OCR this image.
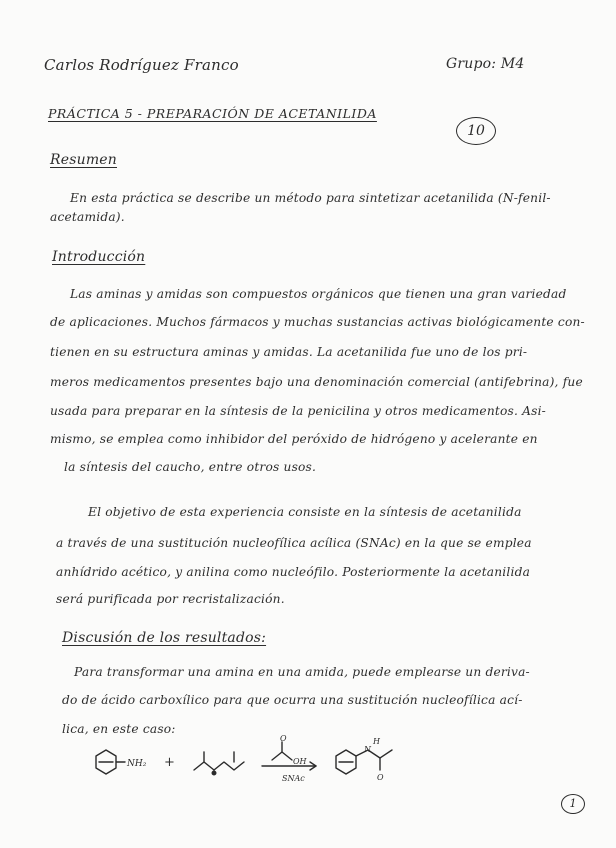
Carlos Rodríguez Franco	Grupo: M4
PRÁCTICA 5 - PREPARACIÓN DE ACETANILIDA
10
Resumen
En esta práctica se describe un método para sintetizar acetanilida (N-fenil-
acetamida).
Introducción
Las aminas y amidas son compuestos orgánicos que tienen una gran variedad
de aplicaciones. Muchos fármacos y muchas sustancias activas biológicamente con-
tienen en su estructura aminas y amidas. La acetanilida fue uno de los pri-
meros medicamentos presentes bajo una denominación comercial (antifebrina), fue
usada para preparar en la síntesis de la penicilina y otros medicamentos. Asi-
mismo, se emplea como inhibidor del peróxido de hidrógeno y acelerante en
la síntesis del caucho, entre otros usos.
El objetivo de esta experiencia consiste en la síntesis de acetanilida
a través de una sustitución nucleofílica acílica (SNAc) en la que se emplea
anhídrido acético, y anilina como nucleófilo. Posteriormente la acetanilida
será purificada por recristalización.
Discusión de los resultados:
Para transformar una amina en una amida, puede emplearse un deriva-
do de ácido carboxílico para que ocurra una sustitución nucleofílica ací-
lica, en este caso:
NH₂ +	OH
SNAc
N
H
O
O
1
